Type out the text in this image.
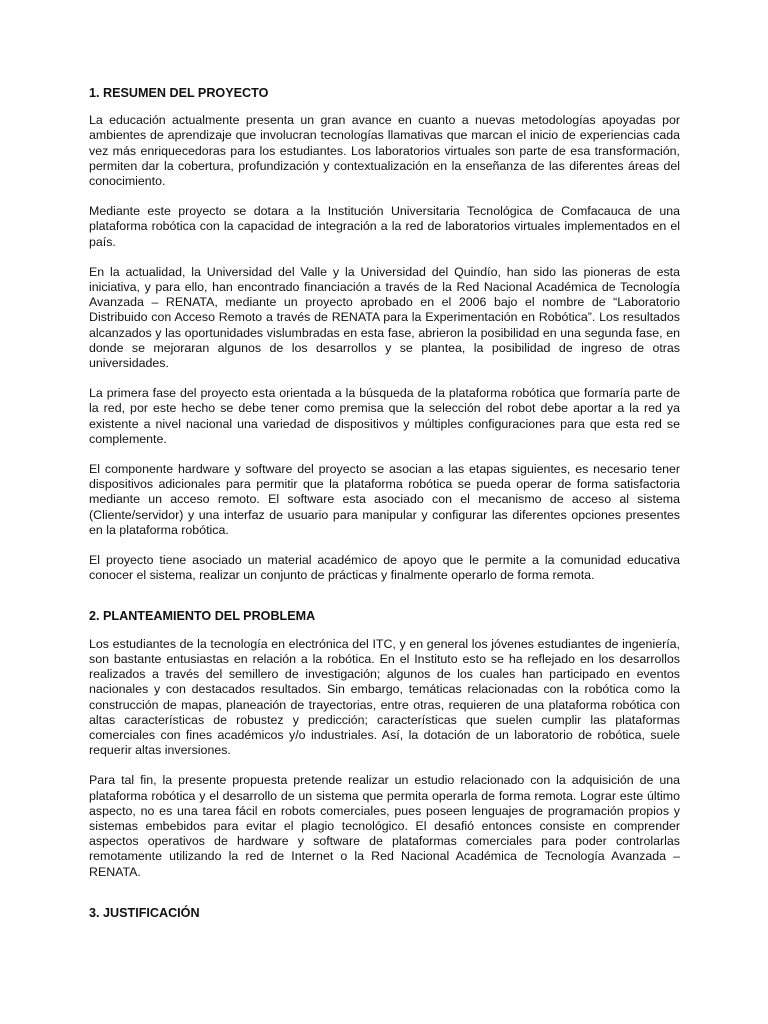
1. RESUMEN DEL PROYECTO

La educación actualmente presenta un gran avance en cuanto a nuevas metodologías apoyadas por ambientes de aprendizaje que involucran tecnologías llamativas que marcan el inicio de experiencias cada vez más enriquecedoras para los estudiantes. Los laboratorios virtuales son parte de esa transformación, permiten dar la cobertura, profundización y contextualización en la enseñanza de las diferentes áreas del conocimiento.

Mediante este proyecto se dotara a la Institución Universitaria Tecnológica de Comfacauca de una plataforma robótica con la capacidad de integración a la red de laboratorios virtuales implementados en el país.

En la actualidad, la Universidad del Valle y la Universidad del Quindío, han sido las pioneras de esta iniciativa, y para ello, han encontrado financiación a través de la Red Nacional Académica de Tecnología Avanzada – RENATA, mediante un proyecto aprobado en el 2006 bajo el nombre de “Laboratorio Distribuido con Acceso Remoto a través de RENATA para la Experimentación en Robótica”. Los resultados alcanzados y las oportunidades vislumbradas en esta fase, abrieron la posibilidad en una segunda fase, en donde se mejoraran algunos de los desarrollos y se plantea, la posibilidad de ingreso de otras universidades.

La primera fase del proyecto esta orientada a la búsqueda de la plataforma robótica que formaría parte de la red, por este hecho se debe tener como premisa que la selección del robot debe aportar a la red ya existente a nivel nacional una variedad de dispositivos y múltiples configuraciones para que esta red se complemente.

El componente hardware y software del proyecto se asocian a las etapas siguientes, es necesario tener dispositivos adicionales para permitir que la plataforma robótica se pueda operar de forma satisfactoria mediante un acceso remoto. El software esta asociado con el mecanismo de acceso al sistema (Cliente/servidor) y una interfaz de usuario para manipular y configurar las diferentes opciones presentes en la plataforma robótica.

El proyecto tiene asociado un material académico de apoyo que le permite a la comunidad educativa conocer el sistema, realizar un conjunto de prácticas y finalmente operarlo de forma remota.

2. PLANTEAMIENTO DEL PROBLEMA

Los estudiantes de la tecnología en electrónica del ITC, y en general los jóvenes estudiantes de ingeniería, son bastante entusiastas en relación a la robótica. En el Instituto esto se ha reflejado en los desarrollos realizados a través del semillero de investigación; algunos de los cuales han participado en eventos nacionales y con destacados resultados. Sin embargo, temáticas relacionadas con la robótica como la construcción de mapas, planeación de trayectorias, entre otras, requieren de una plataforma robótica con altas características de robustez y predicción; características que suelen cumplir las plataformas comerciales con fines académicos y/o industriales. Así, la dotación de un laboratorio de robótica, suele requerir altas inversiones.

Para tal fin, la presente propuesta pretende realizar un estudio relacionado con la adquisición de una plataforma robótica y el desarrollo de un sistema que permita operarla de forma remota. Lograr este último aspecto, no es una tarea fácil en robots comerciales, pues poseen lenguajes de programación propios y sistemas embebidos para evitar el plagio tecnológico. El desafió entonces consiste en comprender aspectos operativos de hardware y software de plataformas comerciales para poder controlarlas remotamente utilizando la red de Internet o la Red Nacional Académica de Tecnología Avanzada – RENATA.

3. JUSTIFICACIÓN
